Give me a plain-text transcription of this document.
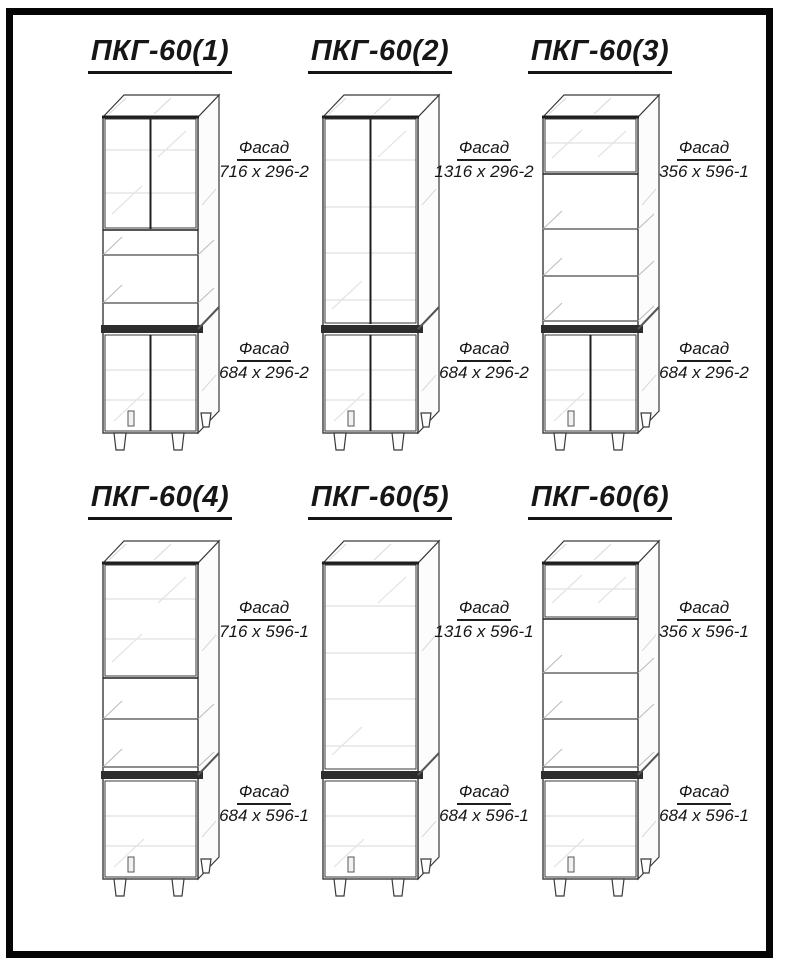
ПКГ-60(1)
Фасад
716 x 296-2
Фасад
684 x 296-2
ПКГ-60(2)
Фасад
1316 x 296-2
Фасад
684 x 296-2
ПКГ-60(3)
Фасад
356 x 596-1
Фасад
684 x 296-2
ПКГ-60(4)
Фасад
716 x 596-1
Фасад
684 x 596-1
ПКГ-60(5)
Фасад
1316 x 596-1
Фасад
684 x 596-1
ПКГ-60(6)
Фасад
356 x 596-1
Фасад
684 x 596-1
